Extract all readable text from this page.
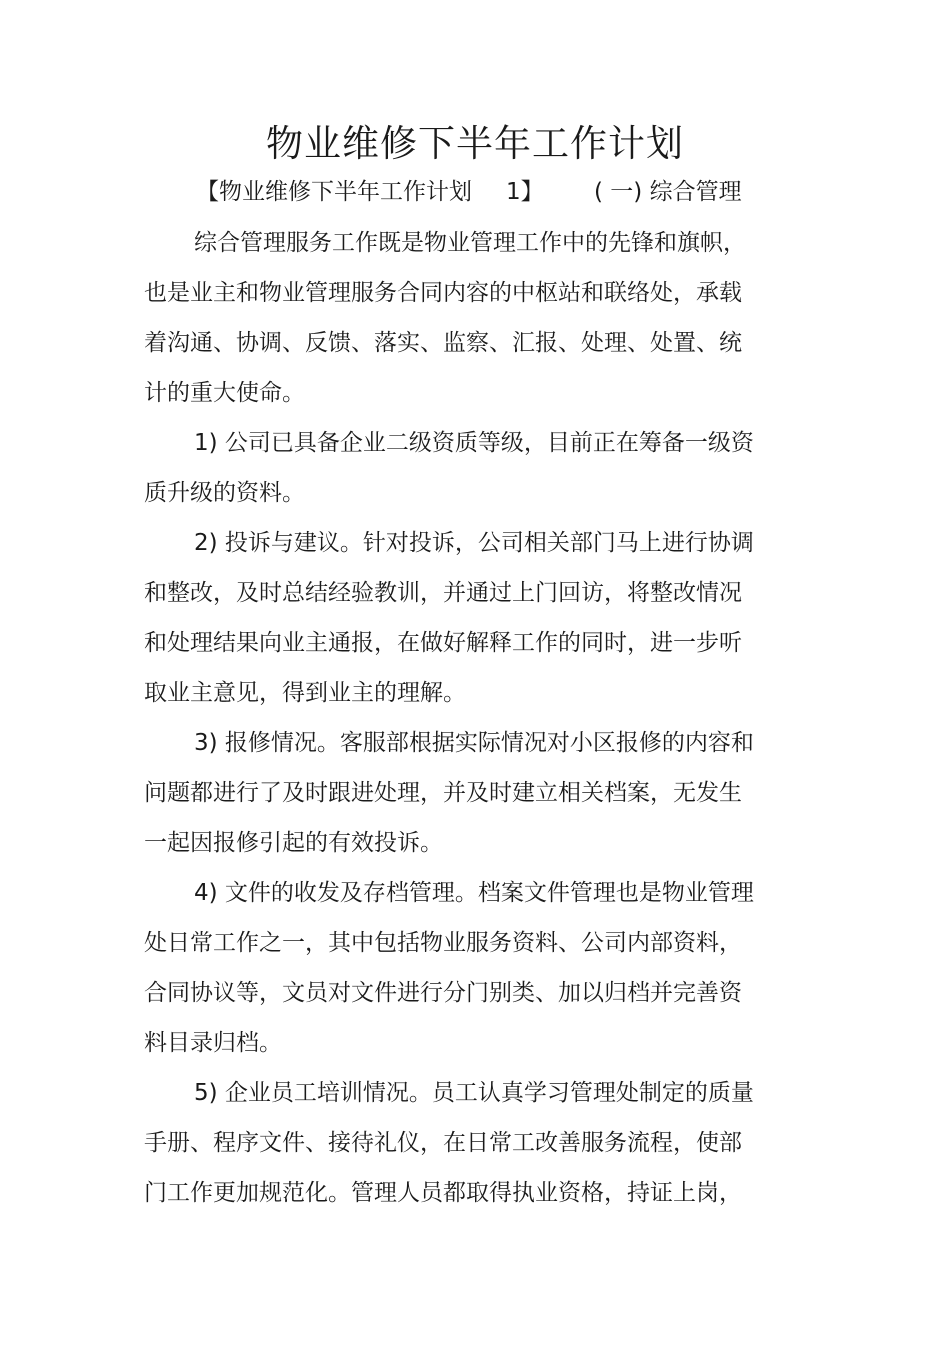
物业维修下半年工作计划
【物业维修下半年工作计划 1】 ( 一) 综合管理
综合管理服务工作既是物业管理工作中的先锋和旗帜，
也是业主和物业管理服务合同内容的中枢站和联络处，承载
着沟通、协调、反馈、落实、监察、汇报、处理、处置、统
计的重大使命。
1) 公司已具备企业二级资质等级，目前正在筹备一级资
质升级的资料。
2) 投诉与建议。针对投诉，公司相关部门马上进行协调
和整改，及时总结经验教训，并通过上门回访，将整改情况
和处理结果向业主通报，在做好解释工作的同时，进一步听
取业主意见，得到业主的理解。
3) 报修情况。客服部根据实际情况对小区报修的内容和
问题都进行了及时跟进处理，并及时建立相关档案，无发生
一起因报修引起的有效投诉。
4) 文件的收发及存档管理。档案文件管理也是物业管理
处日常工作之一，其中包括物业服务资料、公司内部资料，
合同协议等，文员对文件进行分门别类、加以归档并完善资
料目录归档。
5) 企业员工培训情况。员工认真学习管理处制定的质量
手册、程序文件、接待礼仪，在日常工改善服务流程，使部
门工作更加规范化。管理人员都取得执业资格，持证上岗，
